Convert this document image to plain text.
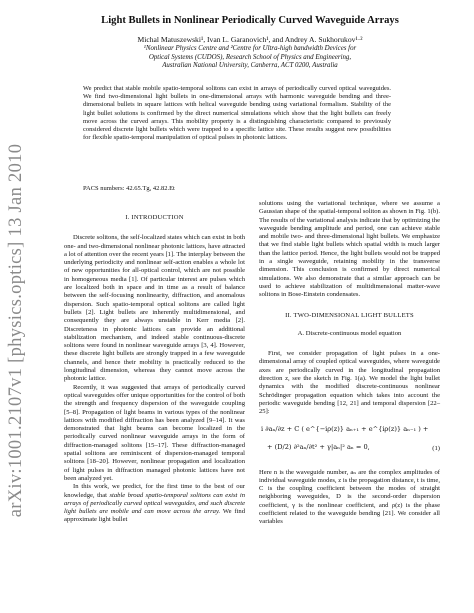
arXiv:1001.2107v1 [physics.optics] 13 Jan 2010
Light Bullets in Nonlinear Periodically Curved Waveguide Arrays
Michal Matuszewski¹, Ivan L. Garanovich¹, and Andrey A. Sukhorukov¹·²
¹Nonlinear Physics Centre and ²Centre for Ultra-high bandwidth Devices for
Optical Systems (CUDOS), Research School of Physics and Engineering,
Australian National University, Canberra, ACT 0200, Australia

We predict that stable mobile spatio-temporal solitons can exist in arrays of periodically curved optical waveguides. We find two-dimensional light bullets in one-dimensional arrays with harmonic waveguide bending and three-dimensional bullets in square lattices with helical waveguide bending using variational formalism. Stability of the light bullet solutions is confirmed by the direct numerical simulations which show that the light bullets can freely move across the curved arrays. This mobility property is a distinguishing characteristic compared to previously considered discrete light bullets which were trapped to a specific lattice site. These results suggest new possibilities for flexible spatio-temporal manipulation of optical pulses in photonic lattices.

PACS numbers: 42.65.Tg, 42.82.Et
I. INTRODUCTION

Discrete solitons, the self-localized states which can exist in both one- and two-dimensional nonlinear photonic lattices, have attracted a lot of attention over the recent years [1]. The interplay between the underlying periodicity and nonlinear self-action enables a whole lot of new opportunities for all-optical control, which are not possible in homogeneous media [1]. Of particular interest are pulses which are localized both in space and in time as a result of balance between the self-focusing nonlinearity, diffraction, and anomalous dispersion. Such spatio-temporal optical solitons are called light bullets [2]. Light bullets are inherently multidimensional, and consequently they are always unstable in Kerr media [2]. Discreteness in photonic lattices can provide an additional stabilization mechanism, and indeed stable continuous-discrete solitons were found in nonlinear waveguide arrays [3, 4]. However, these discrete light bullets are strongly trapped in a few waveguide channels, and hence their mobility is practically reduced to the longitudinal dimension, whereas they cannot move across the photonic lattice.

Recently, it was suggested that arrays of periodically curved optical waveguides offer unique opportunities for the control of both the strength and frequency dispersion of the waveguide coupling [5–8]. Propagation of light beams in various types of the nonlinear lattices with modified diffraction has been analyzed [9–14]. It was demonstrated that light beams can become localized in the periodically curved nonlinear waveguide arrays in the form of diffraction-managed solitons [15–17]. These diffraction-managed spatial solitons are reminiscent of dispersion-managed temporal solitons [18–20]. However, nonlinear propagation and localization of light pulses in diffraction managed photonic lattices have not been analyzed yet.

In this work, we predict, for the first time to the best of our knowledge, that stable broad spatio-temporal solitons can exist in arrays of periodically curved optical waveguides, and such discrete light bullets are mobile and can move across the array. We find approximate light bullet

solutions using the variational technique, where we assume a Gaussian shape of the spatial-temporal soliton as shown in Fig. 1(b). The results of the variational analysis indicate that by optimizing the waveguide bending amplitude and period, one can achieve stable and mobile two- and three-dimensional light bullets. We emphasize that we find stable light bullets which spatial width is much larger than the lattice period. Hence, the light bullets would not be trapped in a single waveguide, retaining mobility in the transverse dimension. This conclusion is confirmed by direct numerical simulations. We also demonstrate that a similar approach can be used to achieve stabilization of multidimensional matter-wave solitons in Bose-Einstein condensates.

II. TWO-DIMENSIONAL LIGHT BULLETS
A. Discrete-continuous model equation

First, we consider propagation of light pulses in a one-dimensional array of coupled optical waveguides, where waveguide axes are periodically curved in the longitudinal propagation direction z, see the sketch in Fig. 1(a). We model the light bullet dynamics with the modified discrete-continuous nonlinear Schrödinger propagation equation which takes into account the periodic waveguide bending [12, 21] and temporal dispersion [22–25]:

i ∂aₙ/∂z + C ( e^{−iρ(z)} aₙ₊₁ + e^{iρ(z)} aₙ₋₁ ) +
+ (D/2) ∂²aₙ/∂t² + γ|aₙ|² aₙ = 0,	(1)

Here n is the waveguide number, aₙ are the complex amplitudes of individual waveguide modes, z is the propagation distance, t is time, C is the coupling coefficient between the modes of straight neighboring waveguides, D is the second-order dispersion coefficient, γ is the nonlinear coefficient, and ρ(z) is the phase coefficient related to the waveguide bending [21]. We consider all variables
